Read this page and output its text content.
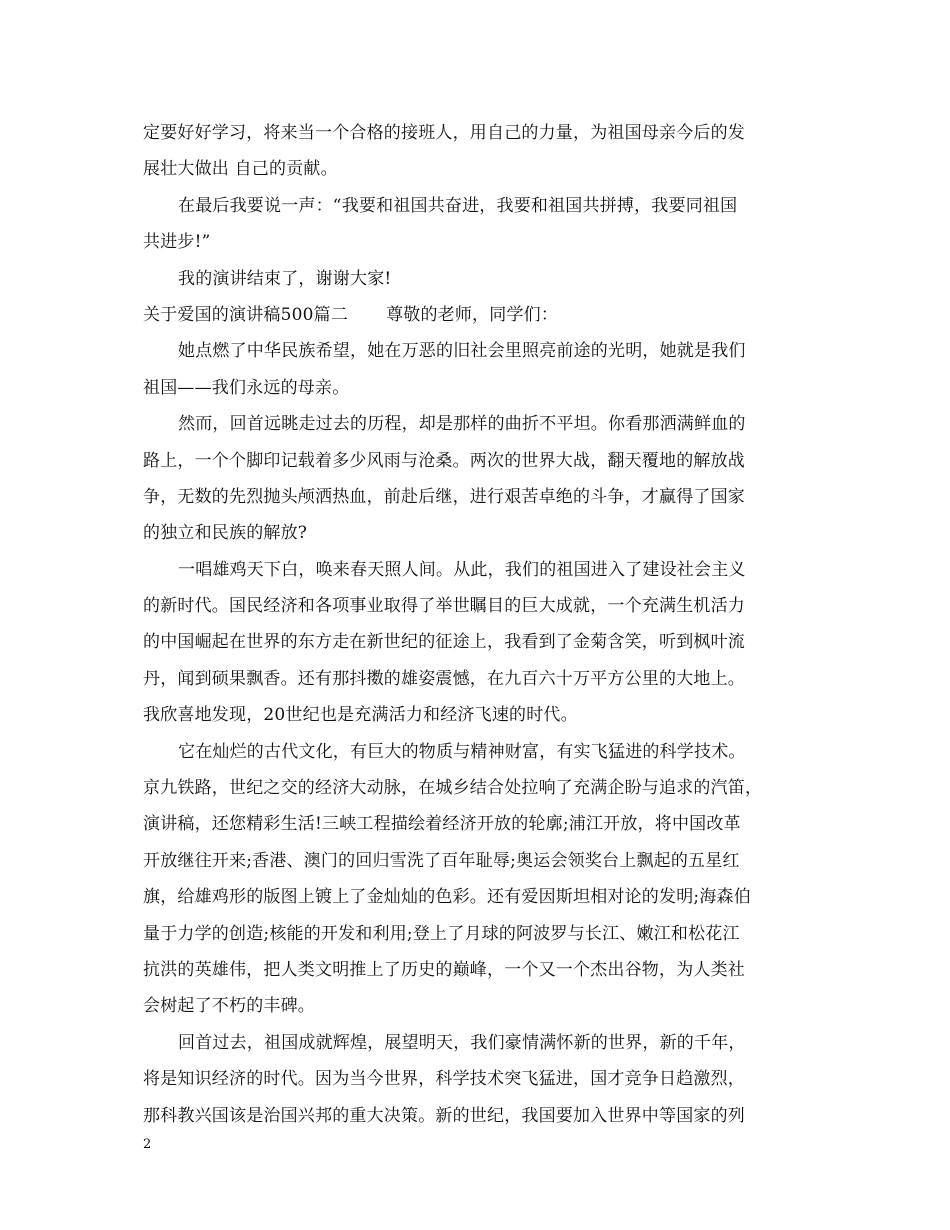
定要好好学习，将来当一个合格的接班人，用自己的力量，为祖国母亲今后的发
展壮大做出 自己的贡献。
在最后我要说一声：“我要和祖国共奋进，我要和祖国共拼搏，我要同祖国
共进步!”
我的演讲结束了，谢谢大家!
关于爱国的演讲稿500篇二 尊敬的老师，同学们：
她点燃了中华民族希望，她在万恶的旧社会里照亮前途的光明，她就是我们
祖国——我们永远的母亲。
然而，回首远眺走过去的历程，却是那样的曲折不平坦。你看那洒满鲜血的
路上，一个个脚印记载着多少风雨与沧桑。两次的世界大战，翻天覆地的解放战
争，无数的先烈抛头颅洒热血，前赴后继，进行艰苦卓绝的斗争，才赢得了国家
的独立和民族的解放?
一唱雄鸡天下白，唤来春天照人间。从此，我们的祖国进入了建设社会主义
的新时代。国民经济和各项事业取得了举世瞩目的巨大成就，一个充满生机活力
的中国崛起在世界的东方走在新世纪的征途上，我看到了金菊含笑，听到枫叶流
丹，闻到硕果飘香。还有那抖擞的雄姿震憾，在九百六十万平方公里的大地上。
我欣喜地发现，20世纪也是充满活力和经济飞速的时代。
它在灿烂的古代文化，有巨大的物质与精神财富，有实飞猛进的科学技术。
京九铁路，世纪之交的经济大动脉，在城乡结合处拉响了充满企盼与追求的汽笛，
演讲稿，还您精彩生活!三峡工程描绘着经济开放的轮廓;浦江开放，将中国改革
开放继往开来;香港、澳门的回归雪洗了百年耻辱;奥运会领奖台上飘起的五星红
旗，给雄鸡形的版图上镀上了金灿灿的色彩。还有爱因斯坦相对论的发明;海森伯
量于力学的创造;核能的开发和利用;登上了月球的阿波罗与长江、嫩江和松花江
抗洪的英雄伟，把人类文明推上了历史的巅峰，一个又一个杰出谷物，为人类社
会树起了不朽的丰碑。
回首过去，祖国成就辉煌，展望明天，我们豪情满怀新的世界，新的千年，
将是知识经济的时代。因为当今世界，科学技术突飞猛进，国才竞争日趋激烈，
那科教兴国该是治国兴邦的重大决策。新的世纪，我国要加入世界中等国家的列
2
